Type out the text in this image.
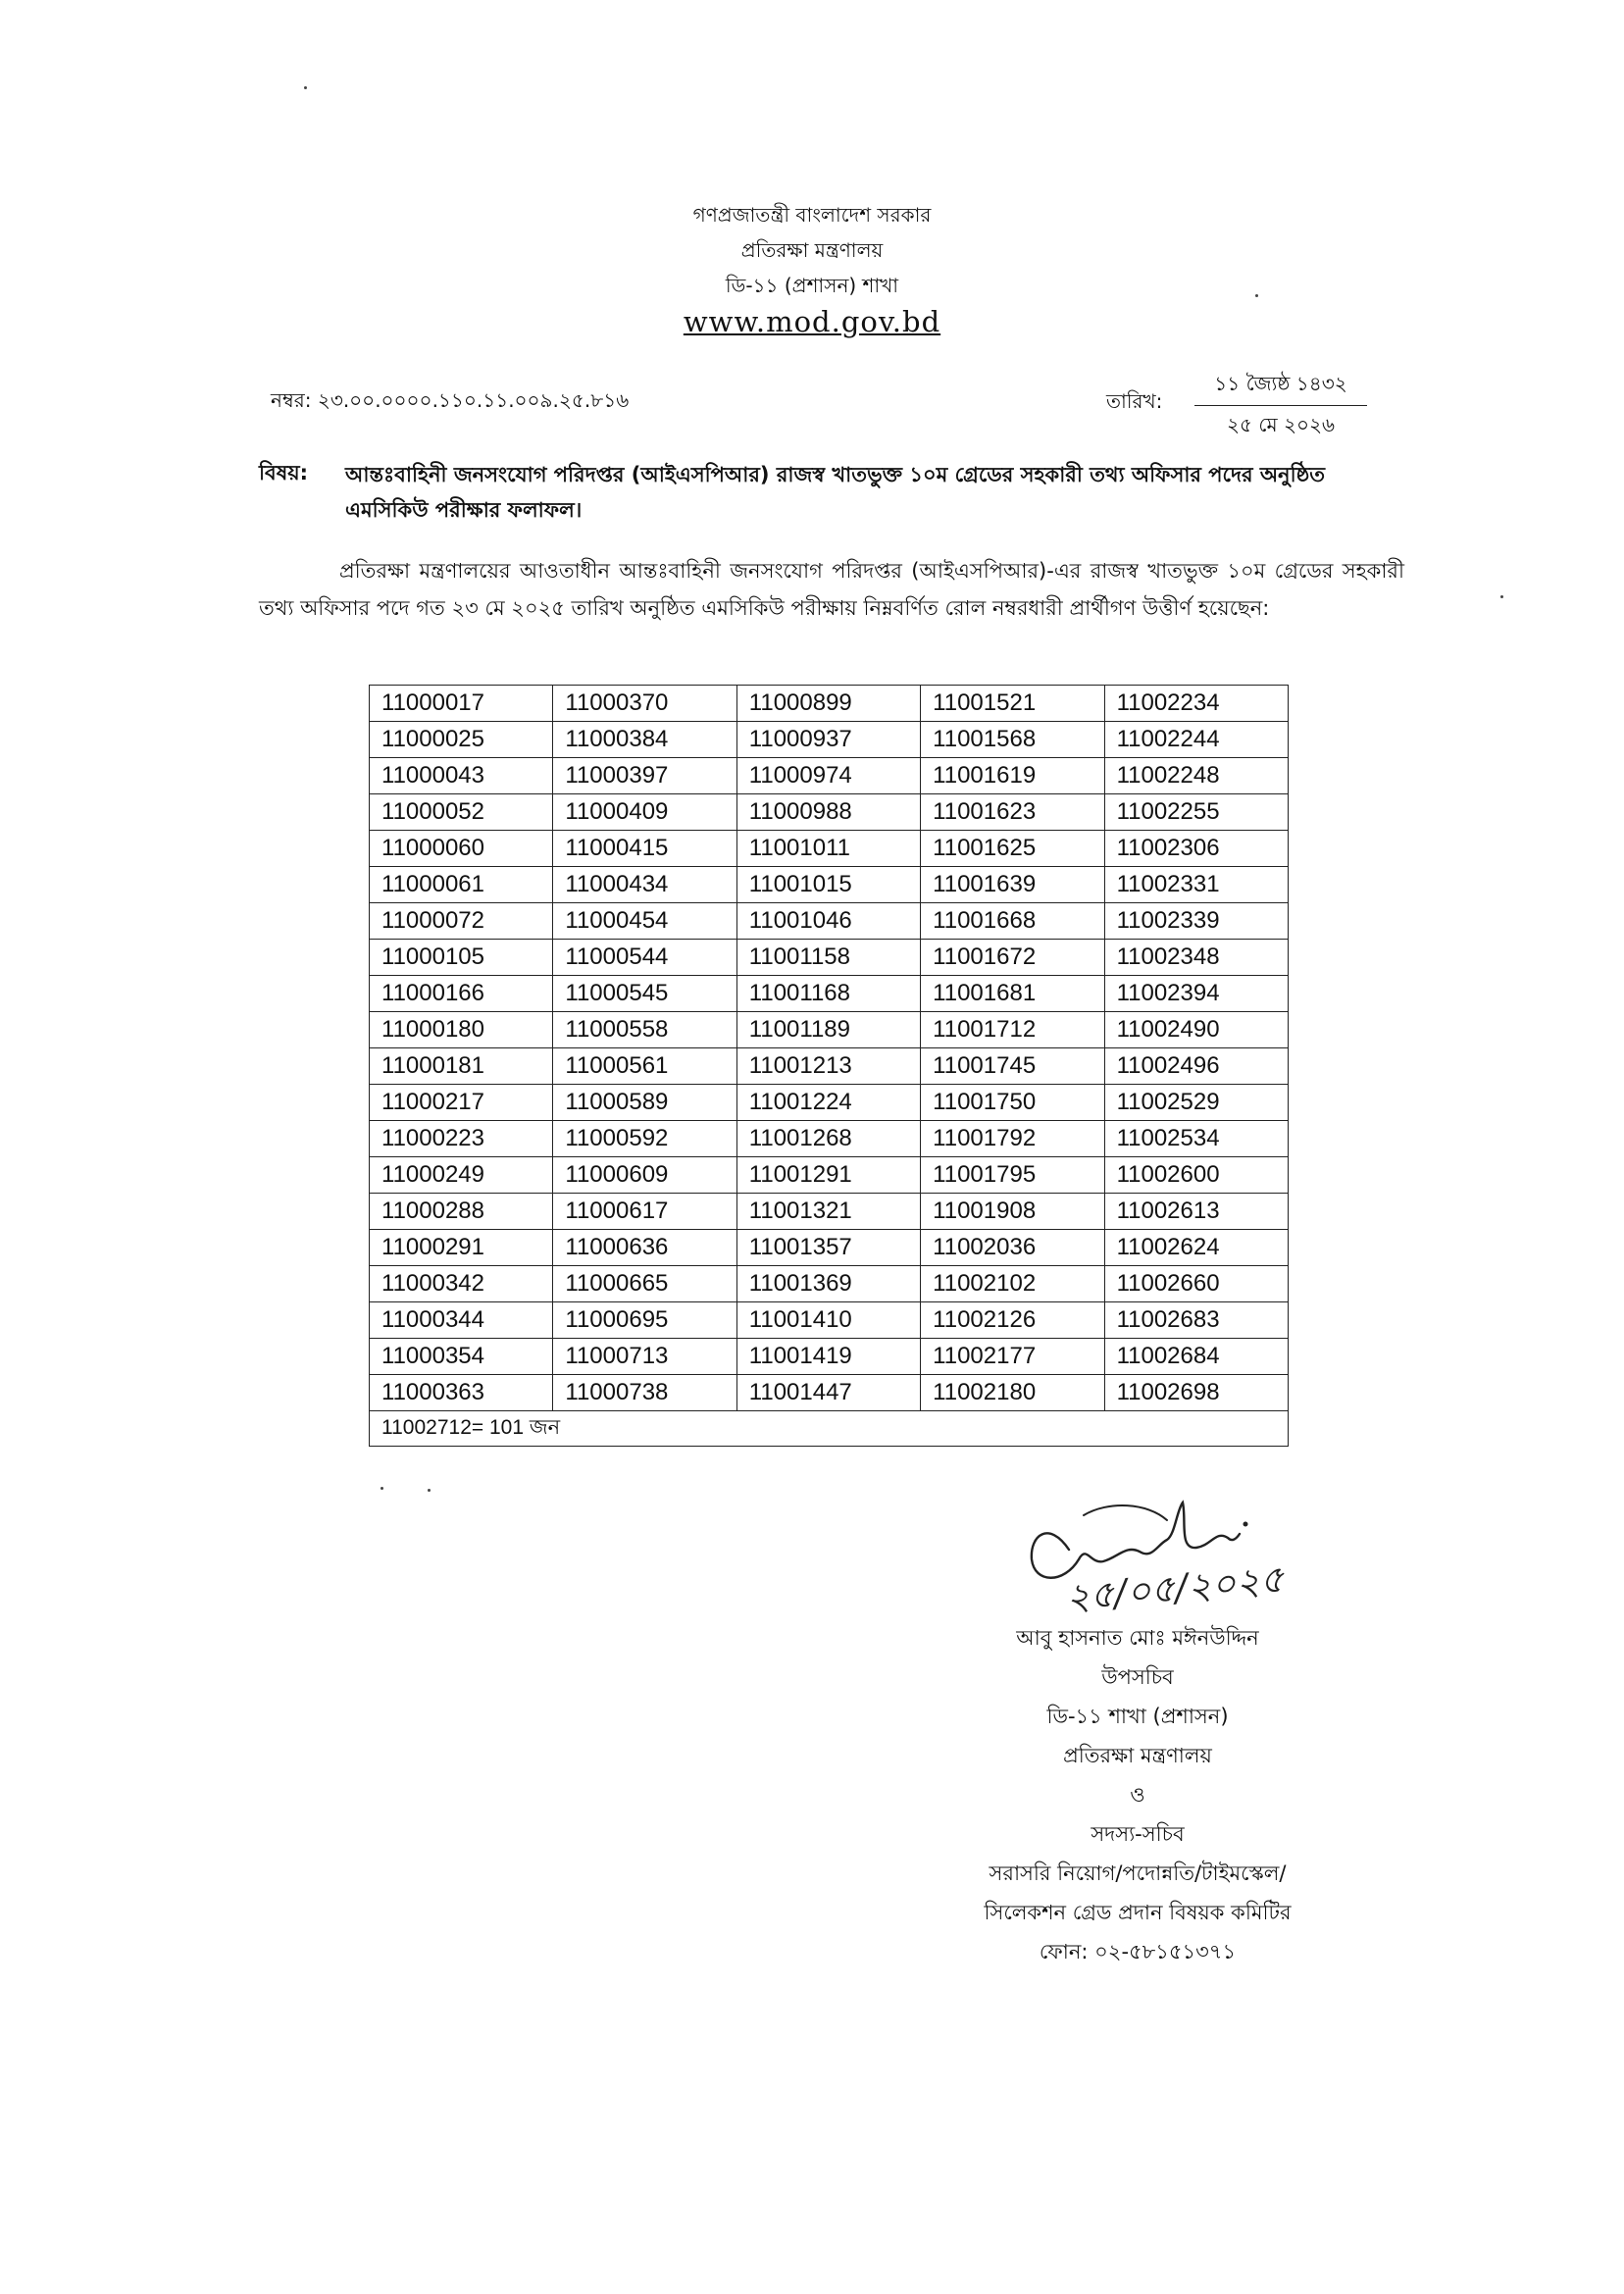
গণপ্রজাতন্ত্রী বাংলাদেশ সরকার
প্রতিরক্ষা মন্ত্রণালয়
ডি-১১ (প্রশাসন) শাখা
www.mod.gov.bd
নম্বর: ২৩.০০.০০০০.১১০.১১.০০৯.২৫.৮১৬	তারিখ:
১১ জ্যৈষ্ঠ ১৪৩২
২৫ মে ২০২৬
বিষয়: আন্তঃবাহিনী জনসংযোগ পরিদপ্তর (আইএসপিআর) রাজস্ব খাতভুক্ত ১০ম গ্রেডের সহকারী তথ্য অফিসার পদের অনুষ্ঠিত এমসিকিউ পরীক্ষার ফলাফল।
প্রতিরক্ষা মন্ত্রণালয়ের আওতাধীন আন্তঃবাহিনী জনসংযোগ পরিদপ্তর (আইএসপিআর)-এর রাজস্ব খাতভুক্ত ১০ম গ্রেডের সহকারী তথ্য অফিসার পদে গত ২৩ মে ২০২৫ তারিখ অনুষ্ঠিত এমসিকিউ পরীক্ষায় নিম্নবর্ণিত রোল নম্বরধারী প্রার্থীগণ উত্তীর্ণ হয়েছেন:
11000017	11000370	11000899	11001521	11002234
11000025	11000384	11000937	11001568	11002244
11000043	11000397	11000974	11001619	11002248
11000052	11000409	11000988	11001623	11002255
11000060	11000415	11001011	11001625	11002306
11000061	11000434	11001015	11001639	11002331
11000072	11000454	11001046	11001668	11002339
11000105	11000544	11001158	11001672	11002348
11000166	11000545	11001168	11001681	11002394
11000180	11000558	11001189	11001712	11002490
11000181	11000561	11001213	11001745	11002496
11000217	11000589	11001224	11001750	11002529
11000223	11000592	11001268	11001792	11002534
11000249	11000609	11001291	11001795	11002600
11000288	11000617	11001321	11001908	11002613
11000291	11000636	11001357	11002036	11002624
11000342	11000665	11001369	11002102	11002660
11000344	11000695	11001410	11002126	11002683
11000354	11000713	11001419	11002177	11002684
11000363	11000738	11001447	11002180	11002698
11002712= 101 জন				
২৫/০৫/২০২৫
আবু হাসনাত মোঃ মঈনউদ্দিন
উপসচিব
ডি-১১ শাখা (প্রশাসন)
প্রতিরক্ষা মন্ত্রণালয়
ও
সদস্য-সচিব
সরাসরি নিয়োগ/পদোন্নতি/টাইমস্কেল/
সিলেকশন গ্রেড প্রদান বিষয়ক কমিটির
ফোন: ০২-৫৮১৫১৩৭১
